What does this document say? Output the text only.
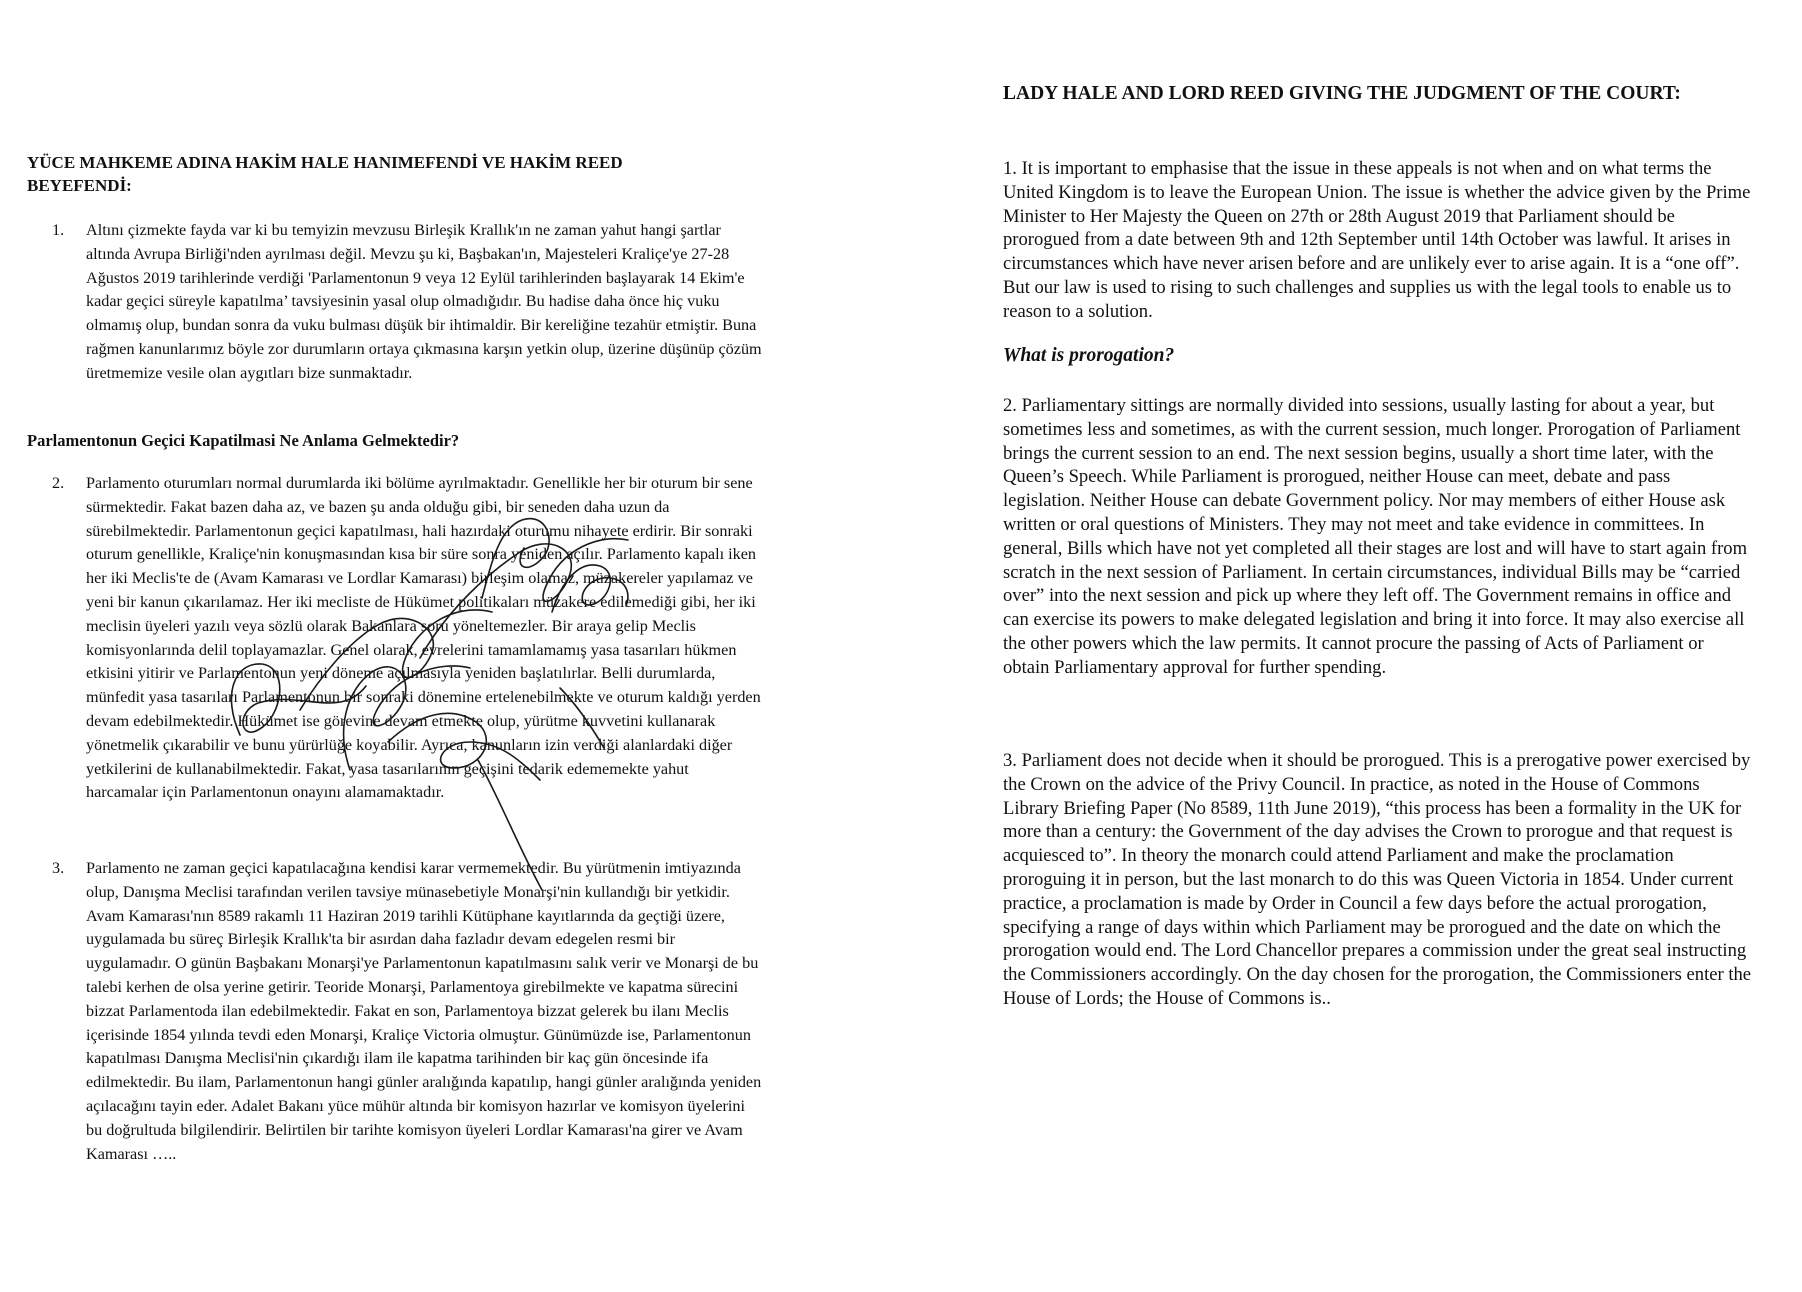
YÜCE MAHKEME ADINA HAKİM HALE HANIMEFENDİ VE HAKİM REED BEYEFENDİ:
1. Altını çizmekte fayda var ki bu temyizin mevzusu Birleşik Krallık'ın ne zaman yahut hangi şartlar altında Avrupa Birliği'nden ayrılması değil. Mevzu şu ki, Başbakan'ın, Majesteleri Kraliçe'ye 27-28 Ağustos 2019 tarihlerinde verdiği 'Parlamentonun 9 veya 12 Eylül tarihlerinden başlayarak 14 Ekim'e kadar geçici süreyle kapatılma’ tavsiyesinin yasal olup olmadığıdır. Bu hadise daha önce hiç vuku olmamış olup, bundan sonra da vuku bulması düşük bir ihtimaldir. Bir kereliğine tezahür etmiştir. Buna rağmen kanunlarımız böyle zor durumların ortaya çıkmasına karşın yetkin olup, üzerine düşünüp çözüm üretmemize vesile olan aygıtları bize sunmaktadır.
Parlamentonun Geçici Kapatilmasi Ne Anlama Gelmektedir?
2. Parlamento oturumları normal durumlarda iki bölüme ayrılmaktadır. Genellikle her bir oturum bir sene sürmektedir. Fakat bazen daha az, ve bazen şu anda olduğu gibi, bir seneden daha uzun da sürebilmektedir. Parlamentonun geçici kapatılması, hali hazırdaki oturumu nihayete erdirir. Bir sonraki oturum genellikle, Kraliçe'nin konuşmasından kısa bir süre sonra yeniden açılır. Parlamento kapalı iken her iki Meclis'te de (Avam Kamarası ve Lordlar Kamarası) birleşim olamaz, müzakereler yapılamaz ve yeni bir kanun çıkarılamaz. Her iki mecliste de Hükümet politikaları müzakere edilemediği gibi, her iki meclisin üyeleri yazılı veya sözlü olarak Bakanlara soru yöneltemezler. Bir araya gelip Meclis komisyonlarında delil toplayamazlar. Genel olarak, evrelerini tamamlamamış yasa tasarıları hükmen etkisini yitirir ve Parlamentonun yeni döneme açılmasıyla yeniden başlatılırlar. Belli durumlarda, münfedit yasa tasarıları Parlamentonun bir sonraki dönemine ertelenebilmekte ve oturum kaldığı yerden devam edebilmektedir. Hükümet ise görevine devam etmekte olup, yürütme kuvvetini kullanarak yönetmelik çıkarabilir ve bunu yürürlüğe koyabilir. Ayrıca, kanunların izin verdiği alanlardaki diğer yetkilerini de kullanabilmektedir. Fakat, yasa tasarılarının geçişini tedarik edememekte yahut harcamalar için Parlamentonun onayını alamamaktadır.
3. Parlamento ne zaman geçici kapatılacağına kendisi karar vermemektedir. Bu yürütmenin imtiyazında olup, Danışma Meclisi tarafından verilen tavsiye münasebetiyle Monarşi'nin kullandığı bir yetkidir. Avam Kamarası'nın 8589 rakamlı 11 Haziran 2019 tarihli Kütüphane kayıtlarında da geçtiği üzere, uygulamada bu süreç Birleşik Krallık'ta bir asırdan daha fazladır devam edegelen resmi bir uygulamadır. O günün Başbakanı Monarşi'ye Parlamentonun kapatılmasını salık verir ve Monarşi de bu talebi kerhen de olsa yerine getirir. Teoride Monarşi, Parlamentoya girebilmekte ve kapatma sürecini bizzat Parlamentoda ilan edebilmektedir. Fakat en son, Parlamentoya bizzat gelerek bu ilanı Meclis içerisinde 1854 yılında tevdi eden Monarşi, Kraliçe Victoria olmuştur. Günümüzde ise, Parlamentonun kapatılması Danışma Meclisi'nin çıkardığı ilam ile kapatma tarihinden bir kaç gün öncesinde ifa edilmektedir. Bu ilam, Parlamentonun hangi günler aralığında kapatılıp, hangi günler aralığında yeniden açılacağını tayin eder. Adalet Bakanı yüce mühür altında bir komisyon hazırlar ve komisyon üyelerini bu doğrultuda bilgilendirir. Belirtilen bir tarihte komisyon üyeleri Lordlar Kamarası'na girer ve Avam Kamarası …..
LADY HALE AND LORD REED GIVING THE JUDGMENT OF THE COURT:

1. It is important to emphasise that the issue in these appeals is not when and on what terms the United Kingdom is to leave the European Union. The issue is whether the advice given by the Prime Minister to Her Majesty the Queen on 27th or 28th August 2019 that Parliament should be prorogued from a date between 9th and 12th September until 14th October was lawful. It arises in circumstances which have never arisen before and are unlikely ever to arise again. It is a “one off”. But our law is used to rising to such challenges and supplies us with the legal tools to enable us to reason to a solution.

What is prorogation?

2. Parliamentary sittings are normally divided into sessions, usually lasting for about a year, but sometimes less and sometimes, as with the current session, much longer. Prorogation of Parliament brings the current session to an end. The next session begins, usually a short time later, with the Queen’s Speech. While Parliament is prorogued, neither House can meet, debate and pass legislation. Neither House can debate Government policy. Nor may members of either House ask written or oral questions of Ministers. They may not meet and take evidence in committees. In general, Bills which have not yet completed all their stages are lost and will have to start again from scratch in the next session of Parliament. In certain circumstances, individual Bills may be “carried over” into the next session and pick up where they left off. The Government remains in office and can exercise its powers to make delegated legislation and bring it into force. It may also exercise all the other powers which the law permits. It cannot procure the passing of Acts of Parliament or obtain Parliamentary approval for further spending.

3. Parliament does not decide when it should be prorogued. This is a prerogative power exercised by the Crown on the advice of the Privy Council. In practice, as noted in the House of Commons Library Briefing Paper (No 8589, 11th June 2019), “this process has been a formality in the UK for more than a century: the Government of the day advises the Crown to prorogue and that request is acquiesced to”. In theory the monarch could attend Parliament and make the proclamation proroguing it in person, but the last monarch to do this was Queen Victoria in 1854. Under current practice, a proclamation is made by Order in Council a few days before the actual prorogation, specifying a range of days within which Parliament may be prorogued and the date on which the prorogation would end. The Lord Chancellor prepares a commission under the great seal instructing the Commissioners accordingly. On the day chosen for the prorogation, the Commissioners enter the House of Lords; the House of Commons is..
